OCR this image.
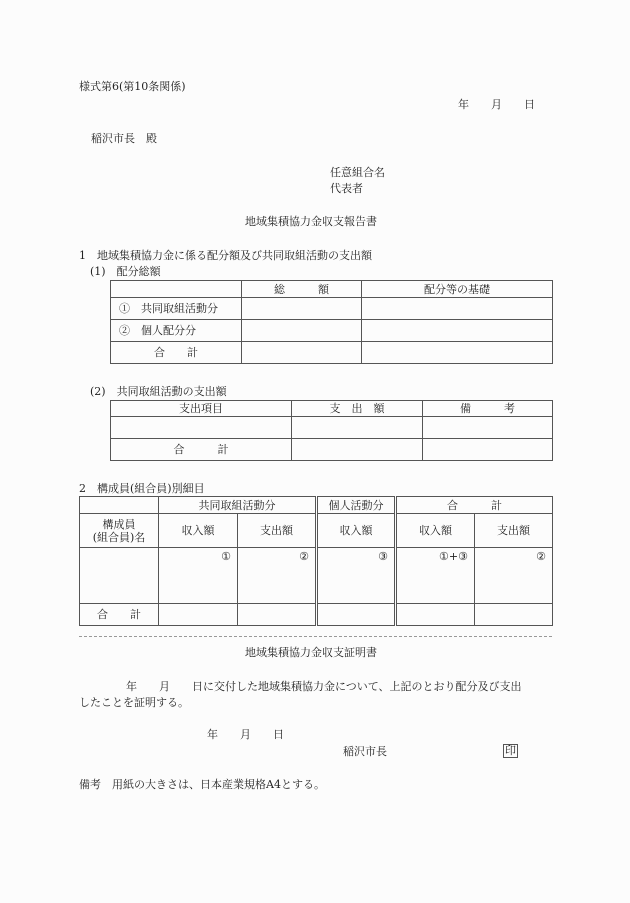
様式第6(第10条関係)
年　　月　　日
稲沢市長　殿
任意組合名
代表者
地域集積協力金収支報告書
1　地域集積協力金に係る配分額及び共同取組活動の支出額
(1)　配分総額
	総　　　額	配分等の基礎
①　共同取組活動分		
②　個人配分分		
合　　計		
(2)　共同取組活動の支出額
支出項目	支　出　額	備　　　考

合　　　計		
2　構成員(組合員)別細目
	共同取組活動分		個人活動分	合　　　計	
構成員
(組合員)名	収入額	支出額	収入額	収入額	支出額
	①	②	③	①+③	②
合　　計					
地域集積協力金収支証明書
年　　月　　日に交付した地域集積協力金について、上記のとおり配分及び支出
したことを証明する。
年　　月　　日
稲沢市長	印
備考　用紙の大きさは、日本産業規格A4とする。
